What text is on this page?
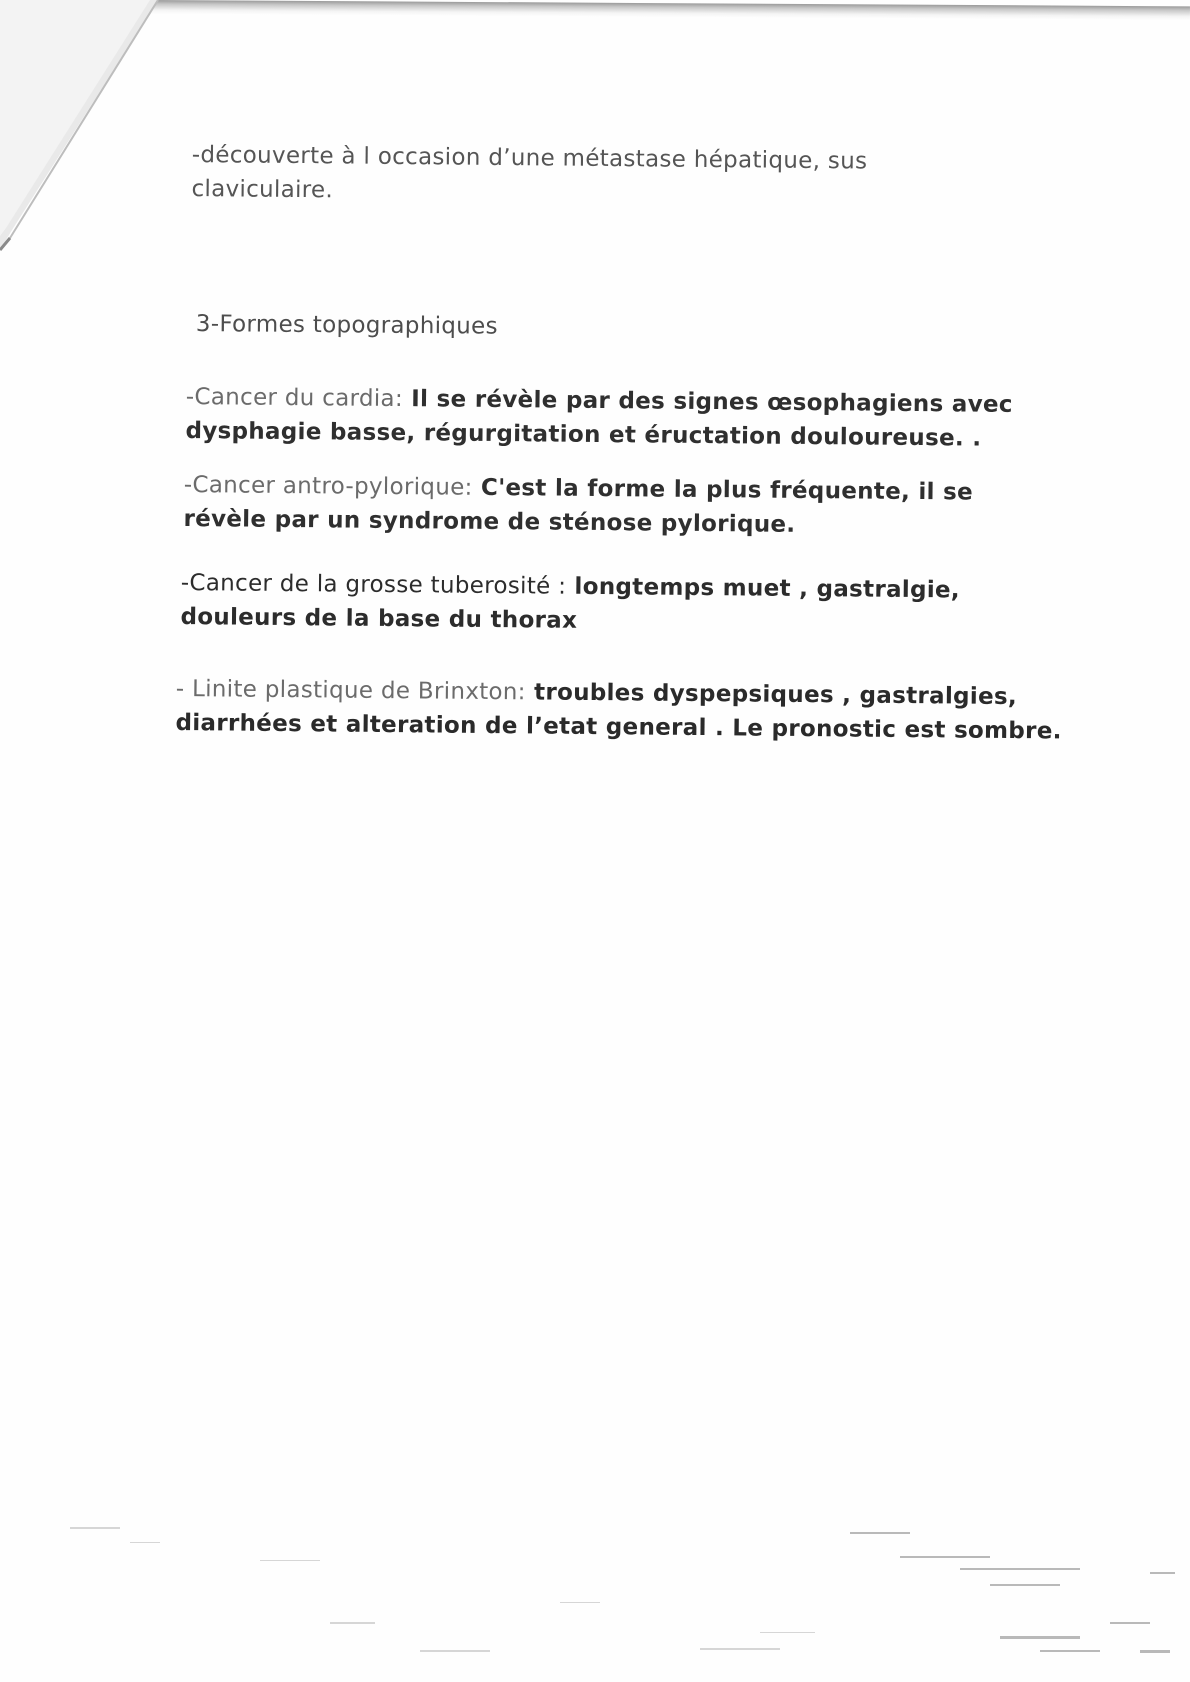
-découverte à l occasion d’une métastase hépatique, sus
claviculaire.
3-Formes topographiques
-Cancer du cardia: Il se révèle par des signes œsophagiens avec
dysphagie basse, régurgitation et éructation douloureuse. .
-Cancer antro-pylorique: C'est la forme la plus fréquente, il se
révèle par un syndrome de sténose pylorique.
-Cancer de la grosse tuberosité : longtemps muet , gastralgie,
douleurs de la base du thorax
- Linite plastique de Brinxton: troubles dyspepsiques , gastralgies,
diarrhées et alteration de l’etat general . Le pronostic est sombre.
